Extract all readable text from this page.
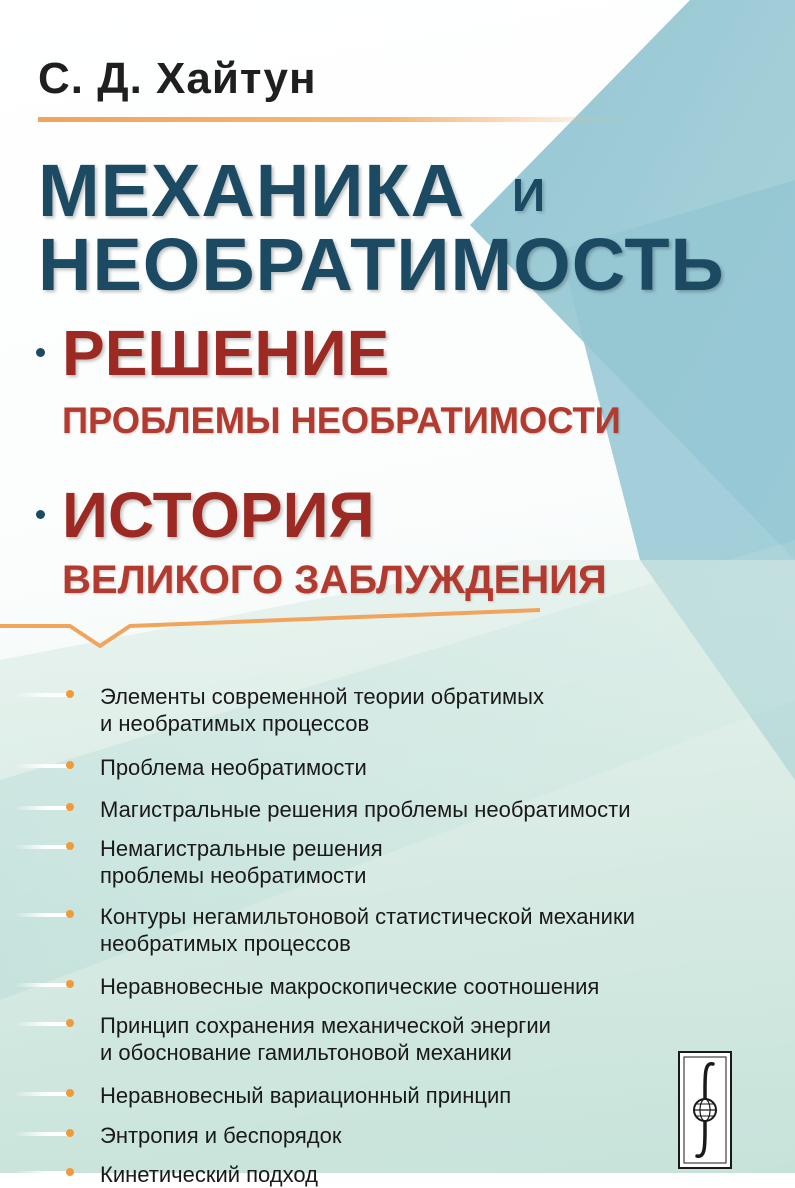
С. Д. Хайтун
МЕХАНИКА И
НЕОБРАТИМОСТЬ
РЕШЕНИЕ
ПРОБЛЕМЫ НЕОБРАТИМОСТИ
ИСТОРИЯ
ВЕЛИКОГО ЗАБЛУЖДЕНИЯ
Элементы современной теории обратимых
и необратимых процессов
Проблема необратимости
Магистральные решения проблемы необратимости
Немагистральные решения
проблемы необратимости
Контуры негамильтоновой статистической механики
необратимых процессов
Неравновесные макроскопические соотношения
Принцип сохранения механической энергии
и обоснование гамильтоновой механики
Неравновесный вариационный принцип
Энтропия и беспорядок
Кинетический подход
